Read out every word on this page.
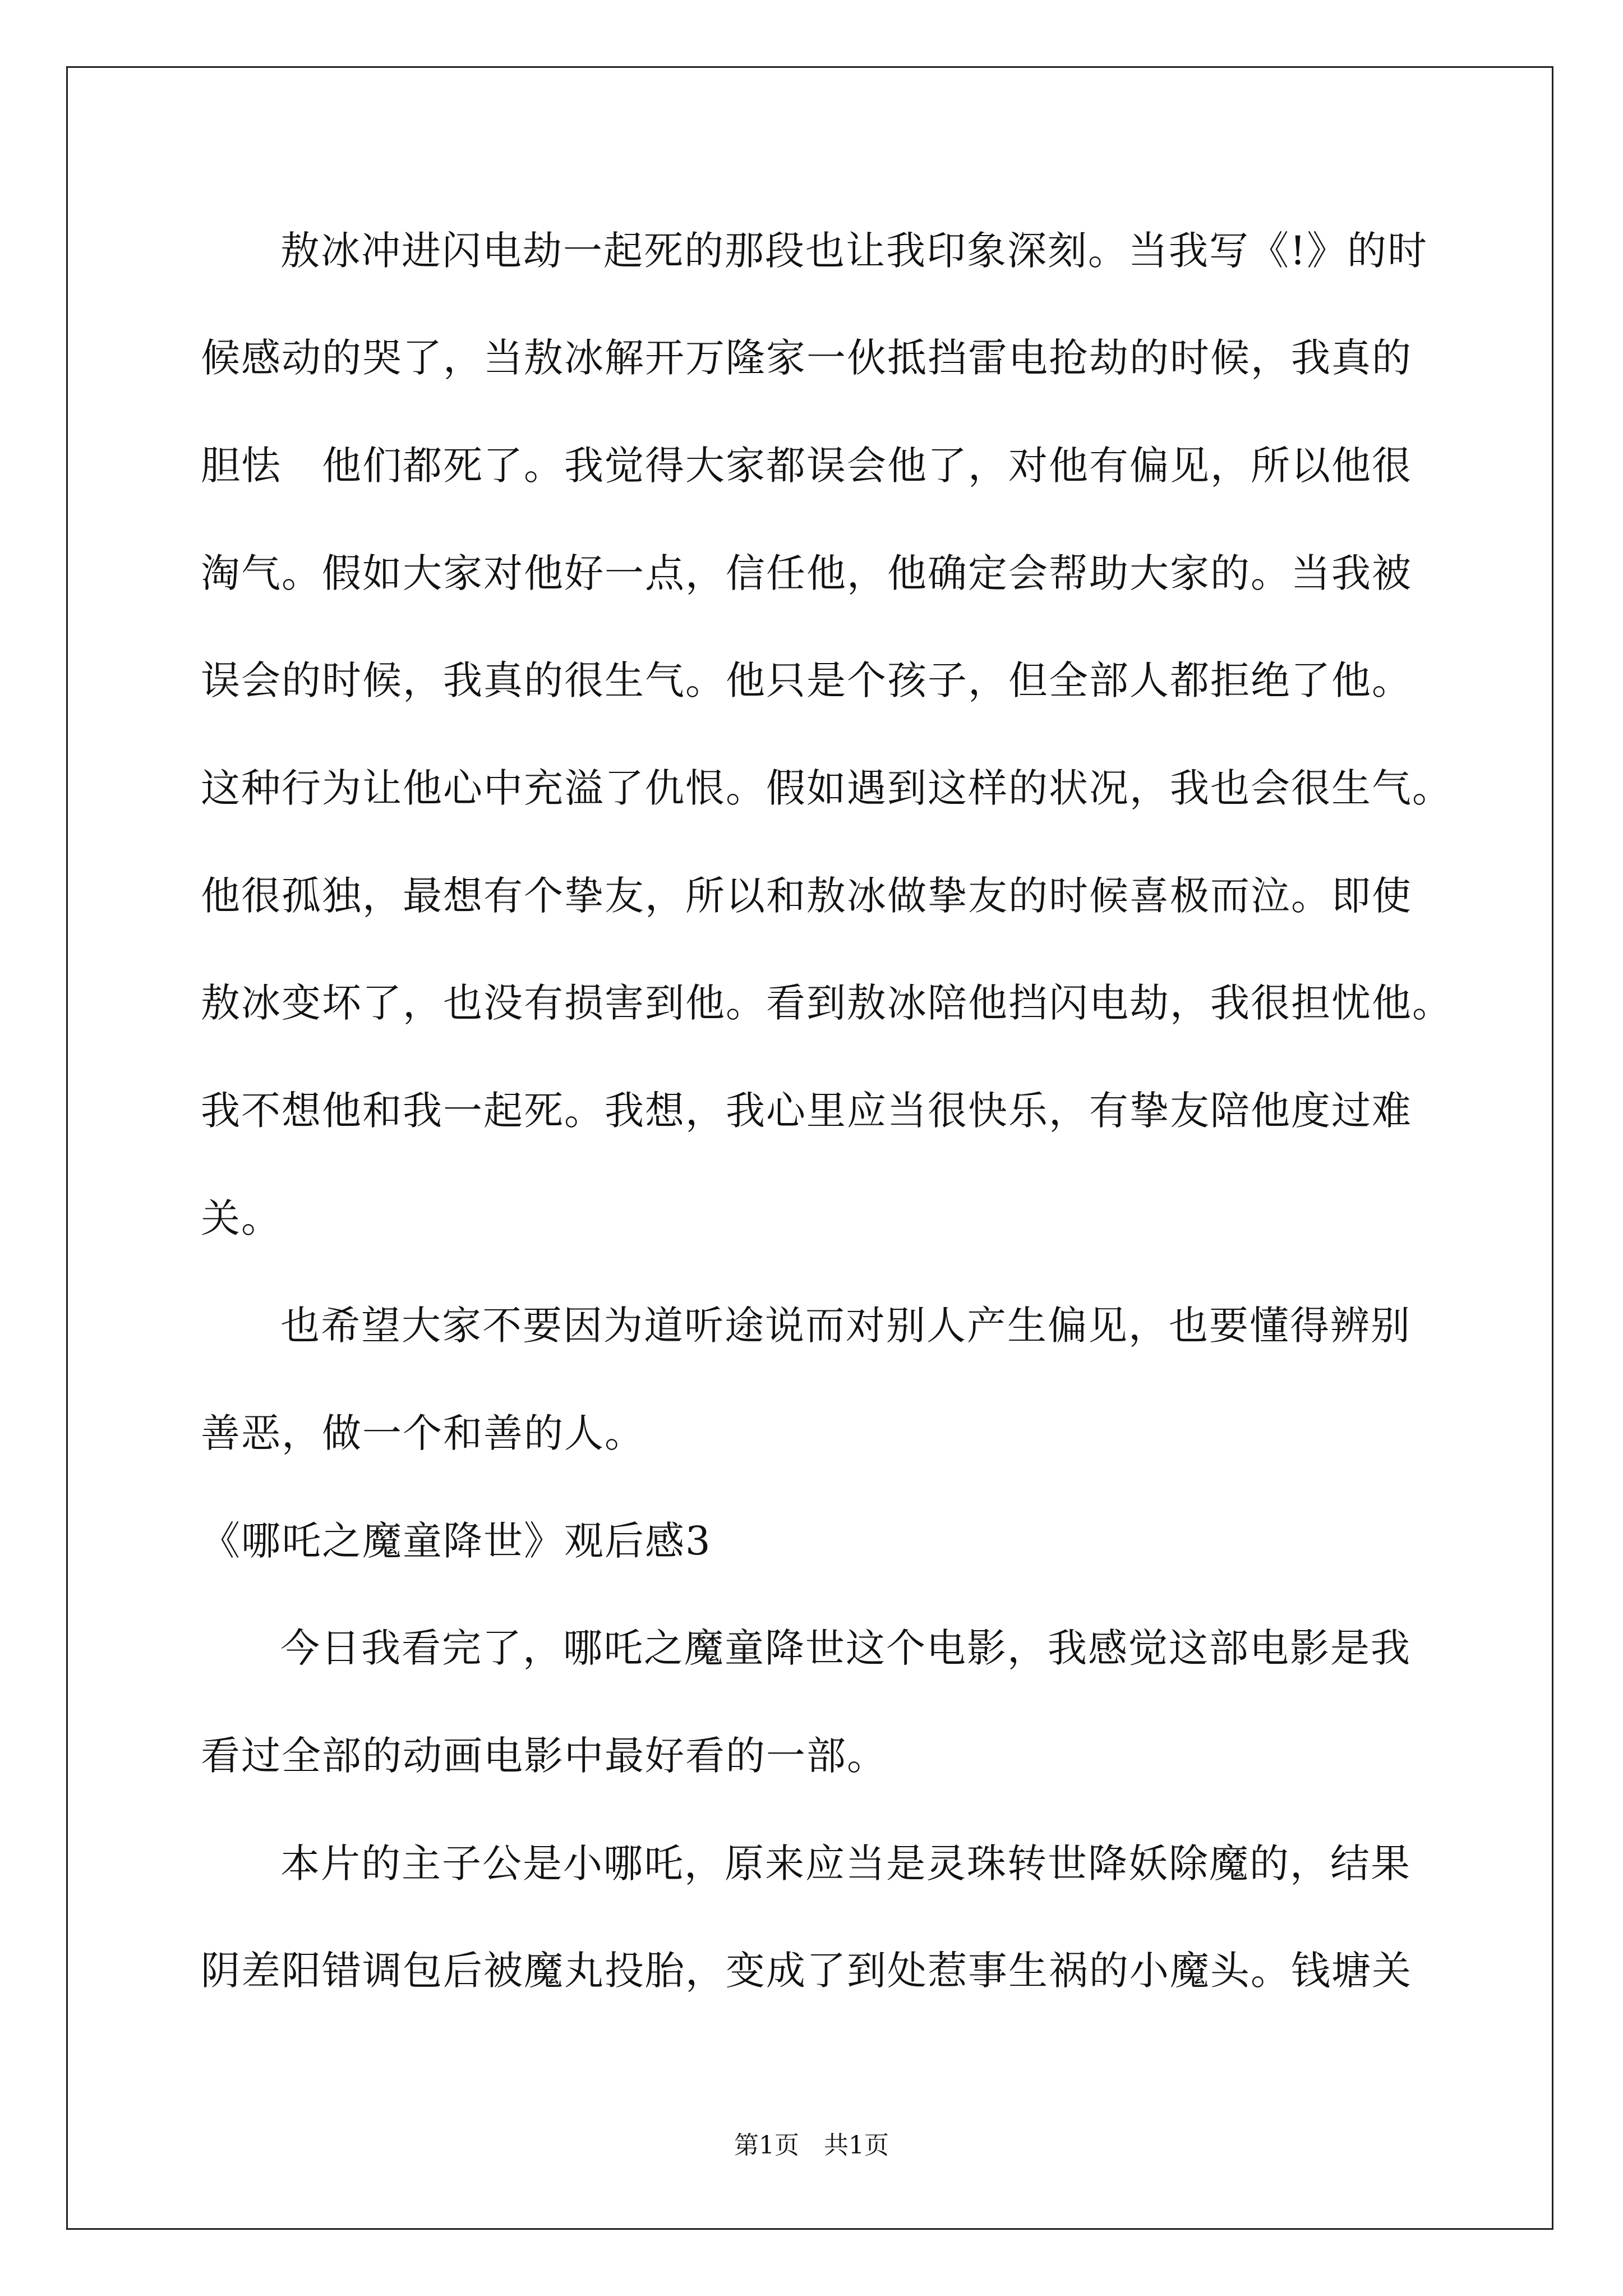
敖冰冲进闪电劫一起死的那段也让我印象深刻。当我写《!》的时
候感动的哭了，当敖冰解开万隆家一伙抵挡雷电抢劫的时候，我真的
胆怯　他们都死了。我觉得大家都误会他了，对他有偏见，所以他很
淘气。假如大家对他好一点，信任他，他确定会帮助大家的。当我被
误会的时候，我真的很生气。他只是个孩子，但全部人都拒绝了他。
这种行为让他心中充溢了仇恨。假如遇到这样的状况，我也会很生气。
他很孤独，最想有个挚友，所以和敖冰做挚友的时候喜极而泣。即使
敖冰变坏了，也没有损害到他。看到敖冰陪他挡闪电劫，我很担忧他。
我不想他和我一起死。我想，我心里应当很快乐，有挚友陪他度过难
关。
也希望大家不要因为道听途说而对别人产生偏见，也要懂得辨别
善恶，做一个和善的人。
《哪吒之魔童降世》观后感3
今日我看完了，哪吒之魔童降世这个电影，我感觉这部电影是我
看过全部的动画电影中最好看的一部。
本片的主子公是小哪吒，原来应当是灵珠转世降妖除魔的，结果
阴差阳错调包后被魔丸投胎，变成了到处惹事生祸的小魔头。钱塘关
第1页　共1页
